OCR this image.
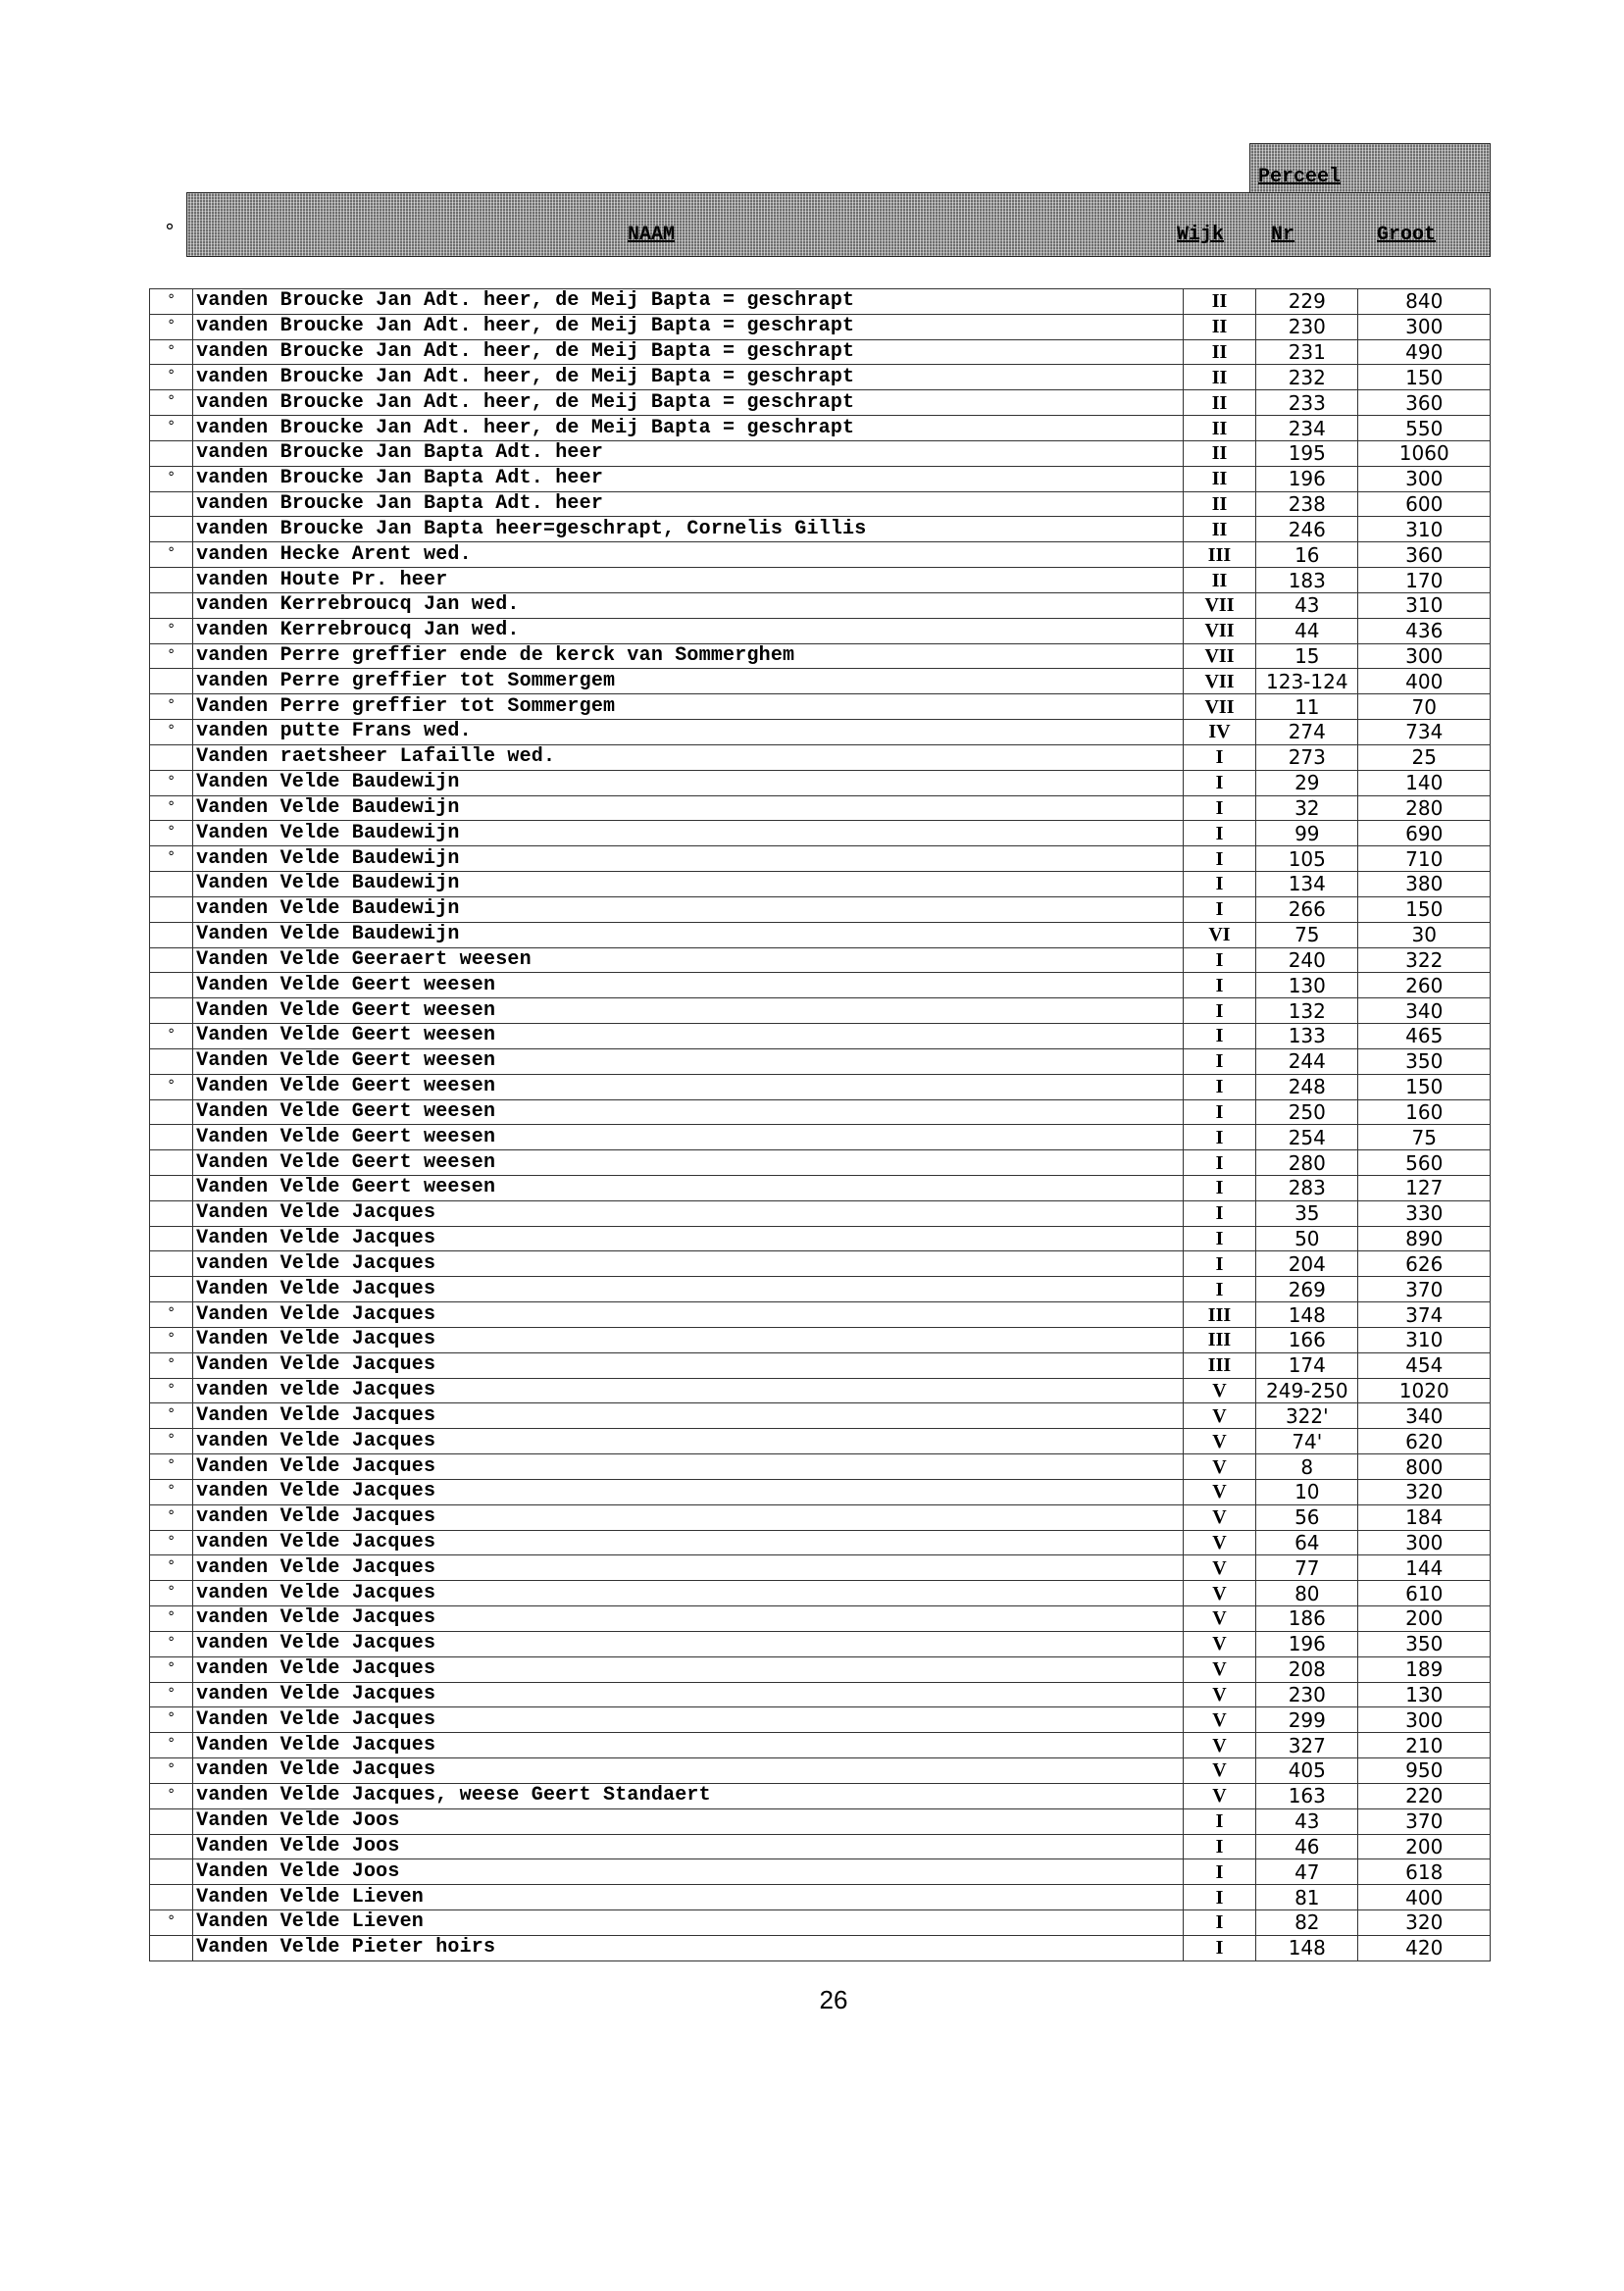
Perceel
°	NAAM	Wijk Nr	Groot
°	vanden Broucke Jan Adt. heer, de Meij Bapta = geschrapt	II	229	840
°	vanden Broucke Jan Adt. heer, de Meij Bapta = geschrapt	II	230	300
°	vanden Broucke Jan Adt. heer, de Meij Bapta = geschrapt	II	231	490
°	vanden Broucke Jan Adt. heer, de Meij Bapta = geschrapt	II	232	150
°	vanden Broucke Jan Adt. heer, de Meij Bapta = geschrapt	II	233	360
°	vanden Broucke Jan Adt. heer, de Meij Bapta = geschrapt	II	234	550
	vanden Broucke Jan Bapta Adt. heer	II	195	1060
°	vanden Broucke Jan Bapta Adt. heer	II	196	300
	vanden Broucke Jan Bapta Adt. heer	II	238	600
	vanden Broucke Jan Bapta heer=geschrapt, Cornelis Gillis	II	246	310
°	vanden Hecke Arent wed.	III	16	360
	vanden Houte Pr. heer	II	183	170
	vanden Kerrebroucq Jan wed.	VII	43	310
°	vanden Kerrebroucq Jan wed.	VII	44	436
°	vanden Perre greffier ende de kerck van Sommerghem	VII	15	300
	vanden Perre greffier tot Sommergem	VII	123-124	400
°	Vanden Perre greffier tot Sommergem	VII	11	70
°	vanden putte Frans wed.	IV	274	734
	Vanden raetsheer Lafaille wed.	I	273	25
°	Vanden Velde Baudewijn	I	29	140
°	Vanden Velde Baudewijn	I	32	280
°	Vanden Velde Baudewijn	I	99	690
°	vanden Velde Baudewijn	I	105	710
	Vanden Velde Baudewijn	I	134	380
	vanden Velde Baudewijn	I	266	150
	Vanden Velde Baudewijn	VI	75	30
	Vanden Velde Geeraert weesen	I	240	322
	Vanden Velde Geert weesen	I	130	260
	Vanden Velde Geert weesen	I	132	340
°	Vanden Velde Geert weesen	I	133	465
	Vanden Velde Geert weesen	I	244	350
°	Vanden Velde Geert weesen	I	248	150
	Vanden Velde Geert weesen	I	250	160
	Vanden Velde Geert weesen	I	254	75
	Vanden Velde Geert weesen	I	280	560
	Vanden Velde Geert weesen	I	283	127
	Vanden Velde Jacques	I	35	330
	Vanden Velde Jacques	I	50	890
	vanden Velde Jacques	I	204	626
	Vanden Velde Jacques	I	269	370
°	Vanden Velde Jacques	III	148	374
°	Vanden Velde Jacques	III	166	310
°	Vanden Velde Jacques	III	174	454
°	vanden velde Jacques	V	249-250	1020
°	Vanden Velde Jacques	V	322'	340
°	vanden Velde Jacques	V	74'	620
°	Vanden Velde Jacques	V	8	800
°	vanden Velde Jacques	V	10	320
°	vanden Velde Jacques	V	56	184
°	vanden Velde Jacques	V	64	300
°	vanden Velde Jacques	V	77	144
°	vanden Velde Jacques	V	80	610
°	vanden Velde Jacques	V	186	200
°	vanden Velde Jacques	V	196	350
°	vanden Velde Jacques	V	208	189
°	vanden Velde Jacques	V	230	130
°	Vanden Velde Jacques	V	299	300
°	Vanden Velde Jacques	V	327	210
°	vanden Velde Jacques	V	405	950
°	vanden Velde Jacques, weese Geert Standaert	V	163	220
	Vanden Velde Joos	I	43	370
	Vanden Velde Joos	I	46	200
	Vanden Velde Joos	I	47	618
	Vanden Velde Lieven	I	81	400
°	Vanden Velde Lieven	I	82	320
	Vanden Velde Pieter hoirs	I	148	420
26
